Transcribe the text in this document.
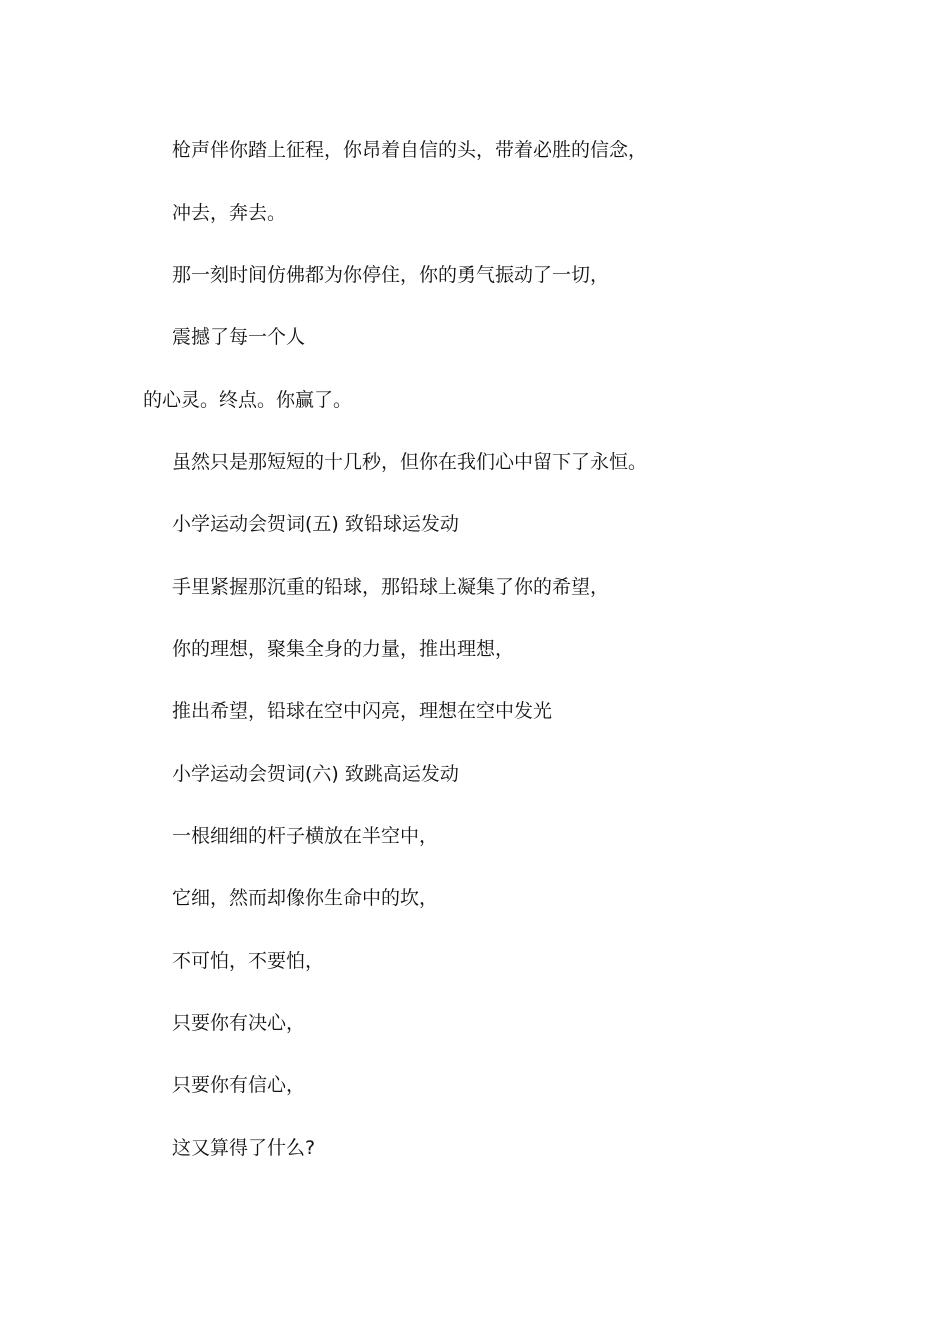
枪声伴你踏上征程，你昂着自信的头，带着必胜的信念，
冲去，奔去。
那一刻时间仿佛都为你停住，你的勇气振动了一切，
震撼了每一个人
的心灵。终点。你赢了。
虽然只是那短短的十几秒，但你在我们心中留下了永恒。
小学运动会贺词(五) 致铅球运发动
手里紧握那沉重的铅球，那铅球上凝集了你的希望，
你的理想，聚集全身的力量，推出理想，
推出希望，铅球在空中闪亮，理想在空中发光
小学运动会贺词(六) 致跳高运发动
一根细细的杆子横放在半空中，
它细，然而却像你生命中的坎，
不可怕，不要怕，
只要你有决心，
只要你有信心，
这又算得了什么?
